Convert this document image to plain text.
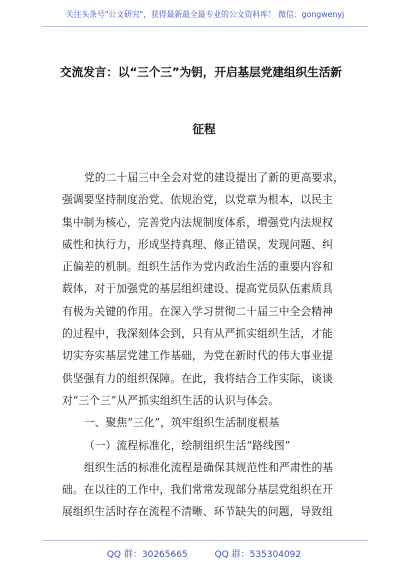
关注头条号"公文研究"，获得最新最全最专业的公文资料库！ 微信：gongwenyj
交流发言：以“三个三”为钥，开启基层党建组织生活新
征程

党的二十届三中全会对党的建设提出了新的更高要求，

强调要坚持制度治党、依规治党，以党章为根本，以民主

集中制为核心，完善党内法规制度体系，增强党内法规权

威性和执行力，形成坚持真理、修正错误，发现问题、纠

正偏差的机制。组织生活作为党内政治生活的重要内容和

载体，对于加强党的基层组织建设、提高党员队伍素质具

有极为关键的作用。在深入学习贯彻二十届三中全会精神

的过程中，我深刻体会到，只有从严抓实组织生活，才能

切实夯实基层党建工作基础，为党在新时代的伟大事业提

供坚强有力的组织保障。在此，我将结合工作实际，谈谈

对“三个三”从严抓实组织生活的认识与体会。

一、聚焦“三化”，筑牢组织生活制度根基

（一）流程标准化，绘制组织生活“路线图”

组织生活的标准化流程是确保其规范性和严肃性的基

础。在以往的工作中，我们常常发现部分基层党组织在开

展组织生活时存在流程不清晰、环节缺失的问题，导致组

QQ 群：30265665	QQ 群：535304092
